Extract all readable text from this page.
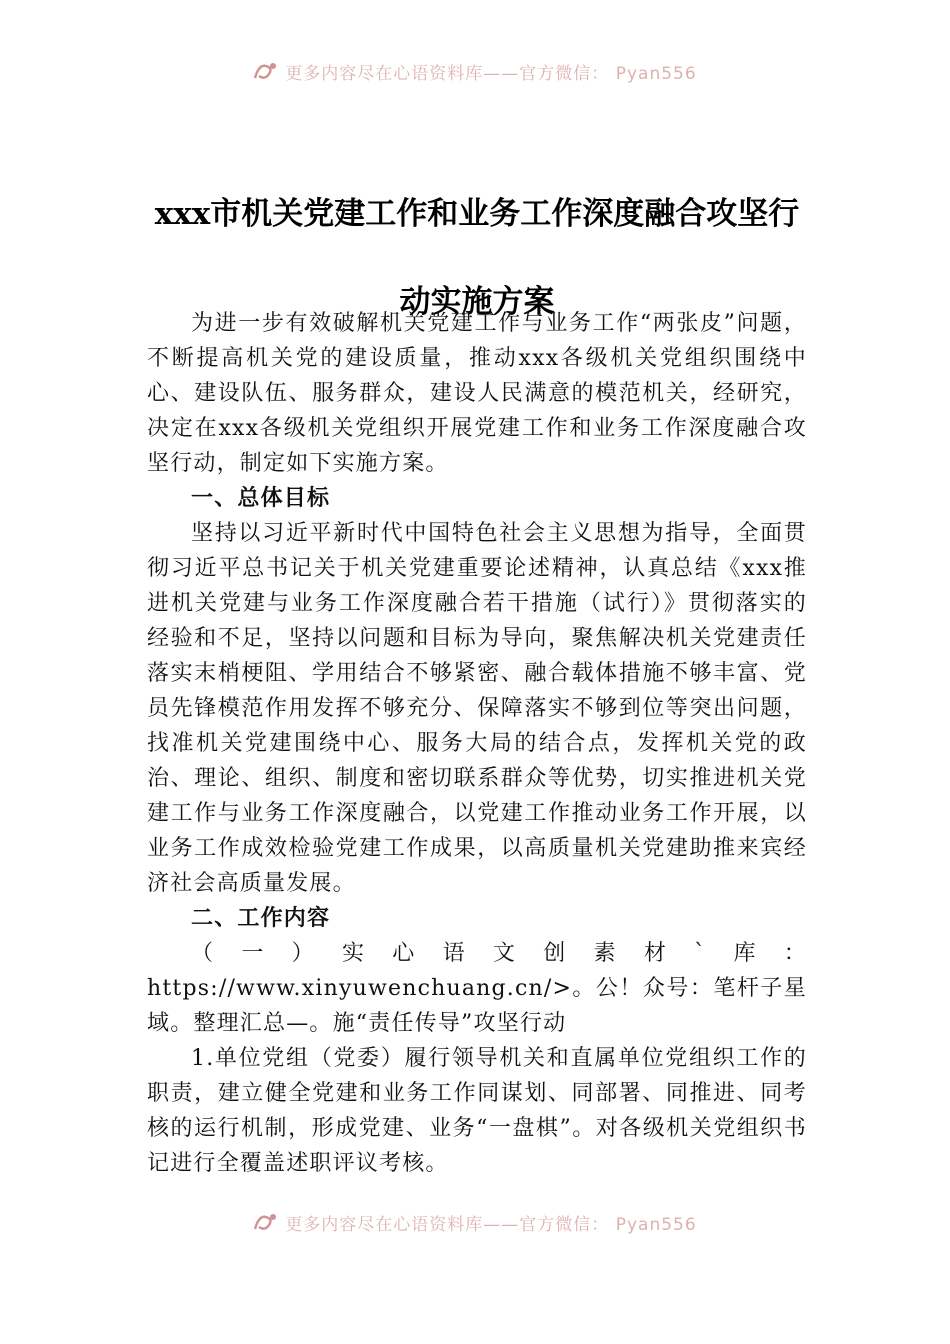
更多内容尽在心语资料库——官方微信： Pyan556
xxx市机关党建工作和业务工作深度融合攻坚行动实施方案

为进一步有效破解机关党建工作与业务工作“两张皮”问题，不断提高机关党的建设质量，推动xxx各级机关党组织围绕中心、建设队伍、服务群众，建设人民满意的模范机关，经研究，决定在xxx各级机关党组织开展党建工作和业务工作深度融合攻坚行动，制定如下实施方案。

一、总体目标

坚持以习近平新时代中国特色社会主义思想为指导，全面贯彻习近平总书记关于机关党建重要论述精神，认真总结《xxx推进机关党建与业务工作深度融合若干措施（试行）》贯彻落实的经验和不足，坚持以问题和目标为导向，聚焦解决机关党建责任落实末梢梗阻、学用结合不够紧密、融合载体措施不够丰富、党员先锋模范作用发挥不够充分、保障落实不够到位等突出问题，找准机关党建围绕中心、服务大局的结合点，发挥机关党的政治、理论、组织、制度和密切联系群众等优势，切实推进机关党建工作与业务工作深度融合，以党建工作推动业务工作开展，以业务工作成效检验党建工作成果，以高质量机关党建助推来宾经济社会高质量发展。

二、工作内容

（一）实心语文创素材`库：https://www.xinyuwenchuang.cn/>。公！众号：笔杆子星域。整理汇总—。施“责任传导”攻坚行动

1.单位党组（党委）履行领导机关和直属单位党组织工作的职责，建立健全党建和业务工作同谋划、同部署、同推进、同考核的运行机制，形成党建、业务“一盘棋”。对各级机关党组织书记进行全覆盖述职评议考核。

更多内容尽在心语资料库——官方微信： Pyan556
